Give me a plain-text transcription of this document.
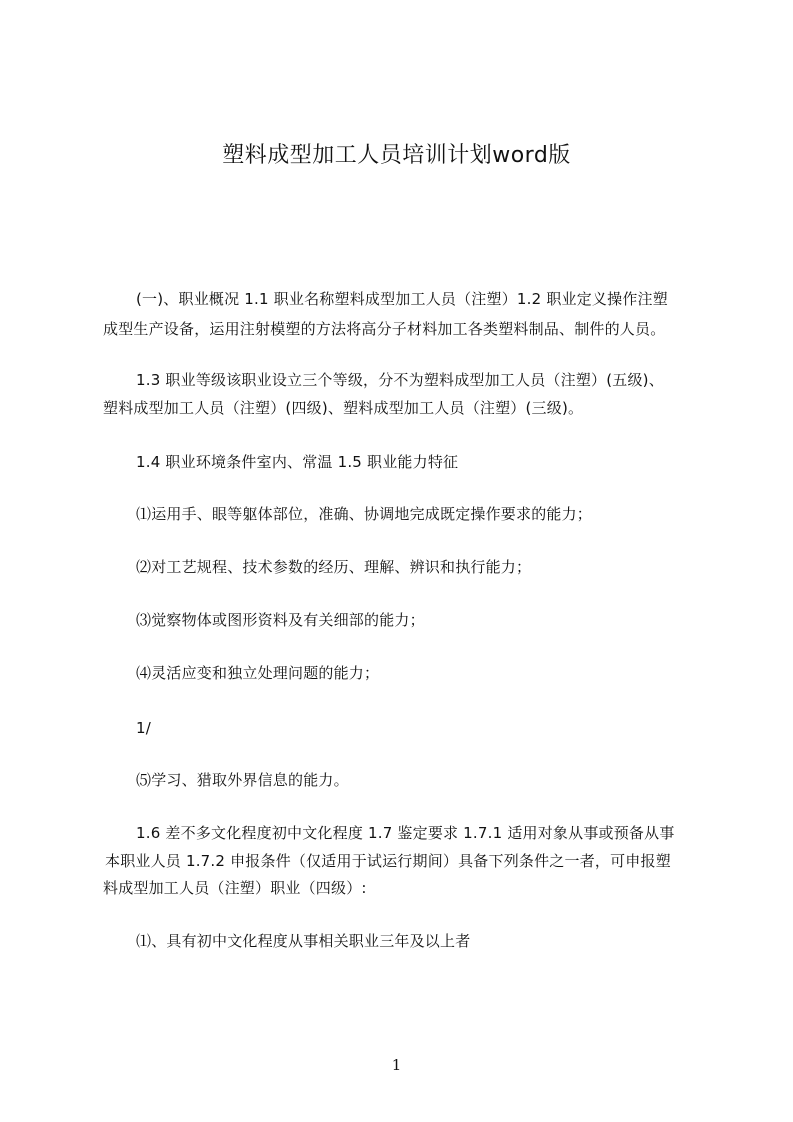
塑料成型加工人员培训计划word版
(一)、职业概况 1.1 职业名称塑料成型加工人员（注塑）1.2 职业定义操作注塑
成型生产设备，运用注射模塑的方法将高分子材料加工各类塑料制品、制件的人员。
1.3 职业等级该职业设立三个等级，分不为塑料成型加工人员（注塑）(五级)、
塑料成型加工人员（注塑）(四级)、塑料成型加工人员（注塑）(三级)。
1.4 职业环境条件室内、常温 1.5 职业能力特征
⑴运用手、眼等躯体部位，准确、协调地完成既定操作要求的能力；
⑵对工艺规程、技术参数的经历、理解、辨识和执行能力；
⑶觉察物体或图形资料及有关细部的能力；
⑷灵活应变和独立处理问题的能力；
1/
⑸学习、猎取外界信息的能力。
1.6 差不多文化程度初中文化程度 1.7 鉴定要求 1.7.1 适用对象从事或预备从事
本职业人员 1.7.2 申报条件（仅适用于试运行期间）具备下列条件之一者，可申报塑
料成型加工人员（注塑）职业（四级）:
⑴、具有初中文化程度从事相关职业三年及以上者
1
